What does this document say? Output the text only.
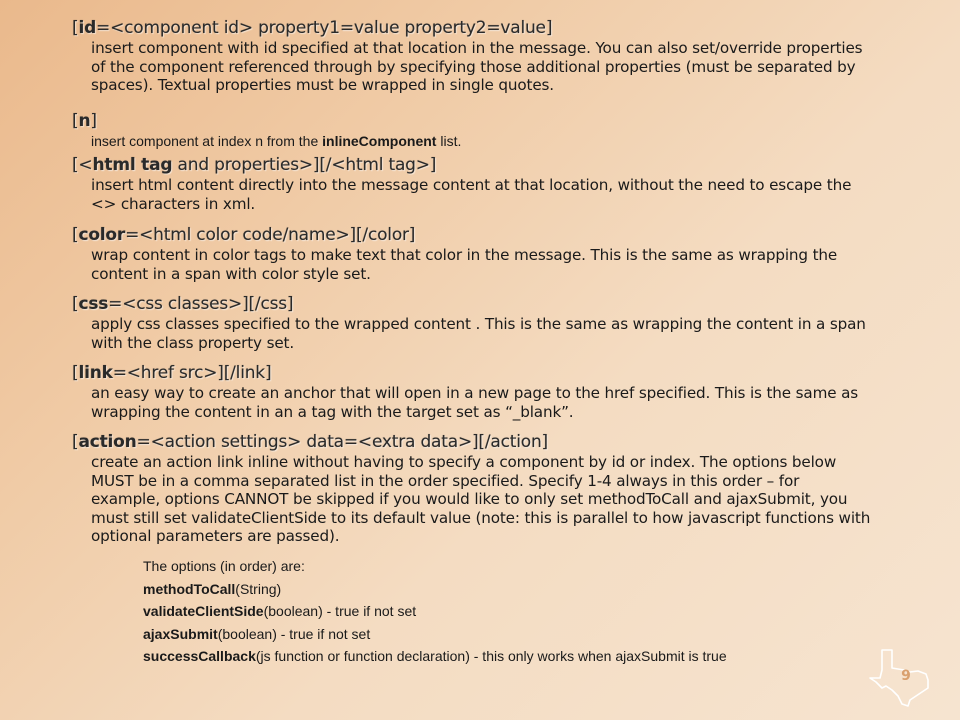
[id=<component id> property1=value property2=value]
insert component with id specified at that location in the message. You can also set/override properties of the component referenced through by specifying those additional properties (must be separated by spaces). Textual properties must be wrapped in single quotes.
[n]
insert component at index n from the inlineComponent list.
[<html tag and properties>][/<html tag>]
insert html content directly into the message content at that location, without the need to escape the <> characters in xml.
[color=<html color code/name>][/color]
wrap content in color tags to make text that color in the message. This is the same as wrapping the content in a span with color style set.
[css=<css classes>][/css]
apply css classes specified to the wrapped content . This is the same as wrapping the content in a span with the class property set.
[link=<href src>][/link]
an easy way to create an anchor that will open in a new page to the href specified. This is the same as wrapping the content in an a tag with the target set as “_blank”.
[action=<action settings> data=<extra data>][/action]
create an action link inline without having to specify a component by id or index. The options below MUST be in a comma separated list in the order specified. Specify 1-4 always in this order – for example, options CANNOT be skipped if you would like to only set methodToCall and ajaxSubmit, you must still set validateClientSide to its default value (note: this is parallel to how javascript functions with optional parameters are passed).
The options (in order) are:
methodToCall(String)
validateClientSide(boolean) - true if not set
ajaxSubmit(boolean) - true if not set
successCallback(js function or function declaration) - this only works when ajaxSubmit is true
9
